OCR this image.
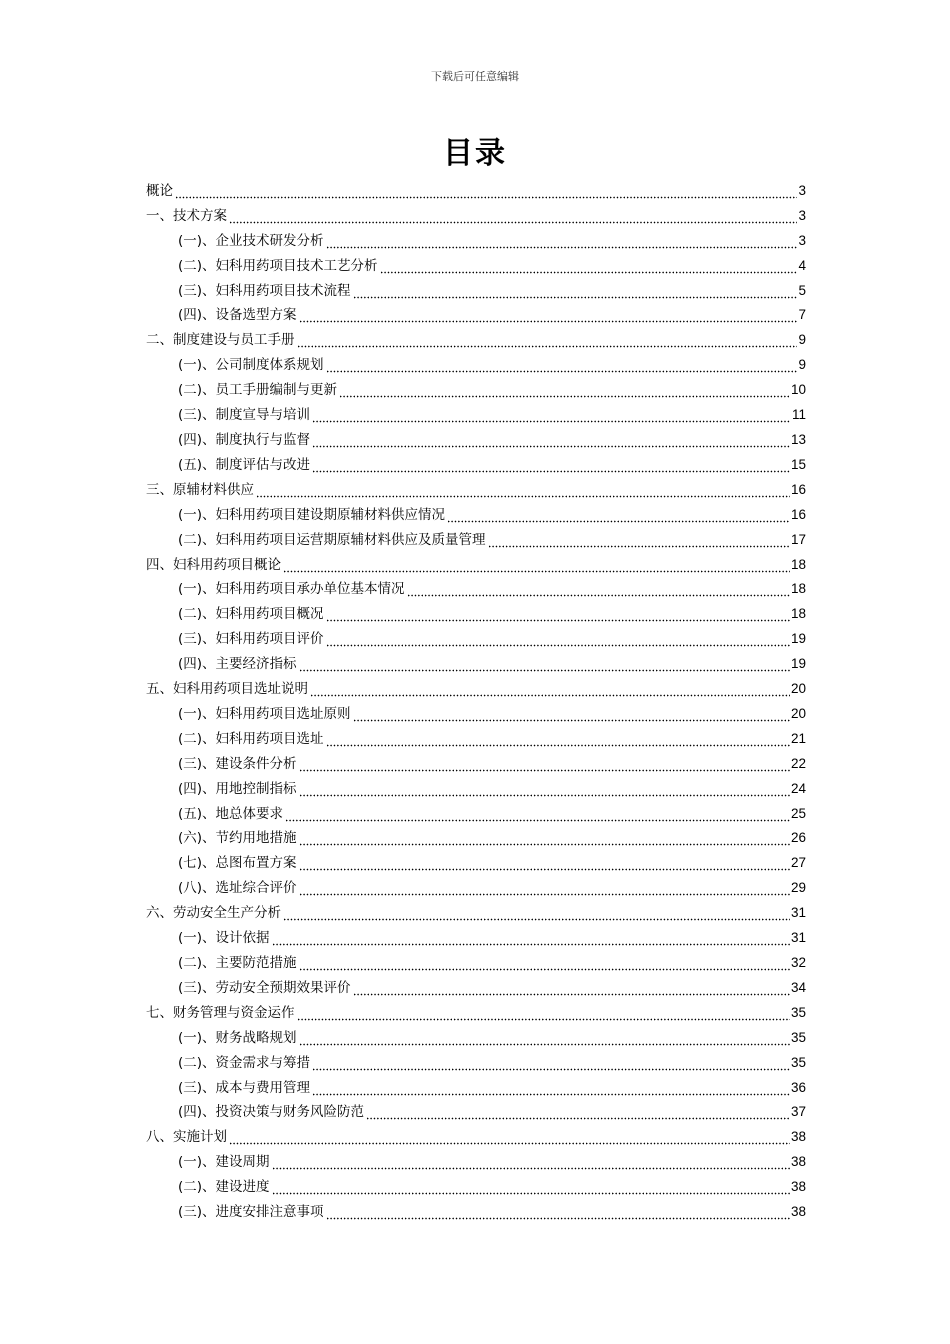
下载后可任意编辑
目录
概论	3
一、技术方案	3
(一)、企业技术研发分析	3
(二)、妇科用药项目技术工艺分析	4
(三)、妇科用药项目技术流程	5
(四)、设备选型方案	7
二、制度建设与员工手册	9
(一)、公司制度体系规划	9
(二)、员工手册编制与更新	10
(三)、制度宣导与培训	11
(四)、制度执行与监督	13
(五)、制度评估与改进	15
三、原辅材料供应	16
(一)、妇科用药项目建设期原辅材料供应情况	16
(二)、妇科用药项目运营期原辅材料供应及质量管理	17
四、妇科用药项目概论	18
(一)、妇科用药项目承办单位基本情况	18
(二)、妇科用药项目概况	18
(三)、妇科用药项目评价	19
(四)、主要经济指标	19
五、妇科用药项目选址说明	20
(一)、妇科用药项目选址原则	20
(二)、妇科用药项目选址	21
(三)、建设条件分析	22
(四)、用地控制指标	24
(五)、地总体要求	25
(六)、节约用地措施	26
(七)、总图布置方案	27
(八)、选址综合评价	29
六、劳动安全生产分析	31
(一)、设计依据	31
(二)、主要防范措施	32
(三)、劳动安全预期效果评价	34
七、财务管理与资金运作	35
(一)、财务战略规划	35
(二)、资金需求与筹措	35
(三)、成本与费用管理	36
(四)、投资决策与财务风险防范	37
八、实施计划	38
(一)、建设周期	38
(二)、建设进度	38
(三)、进度安排注意事项	38
